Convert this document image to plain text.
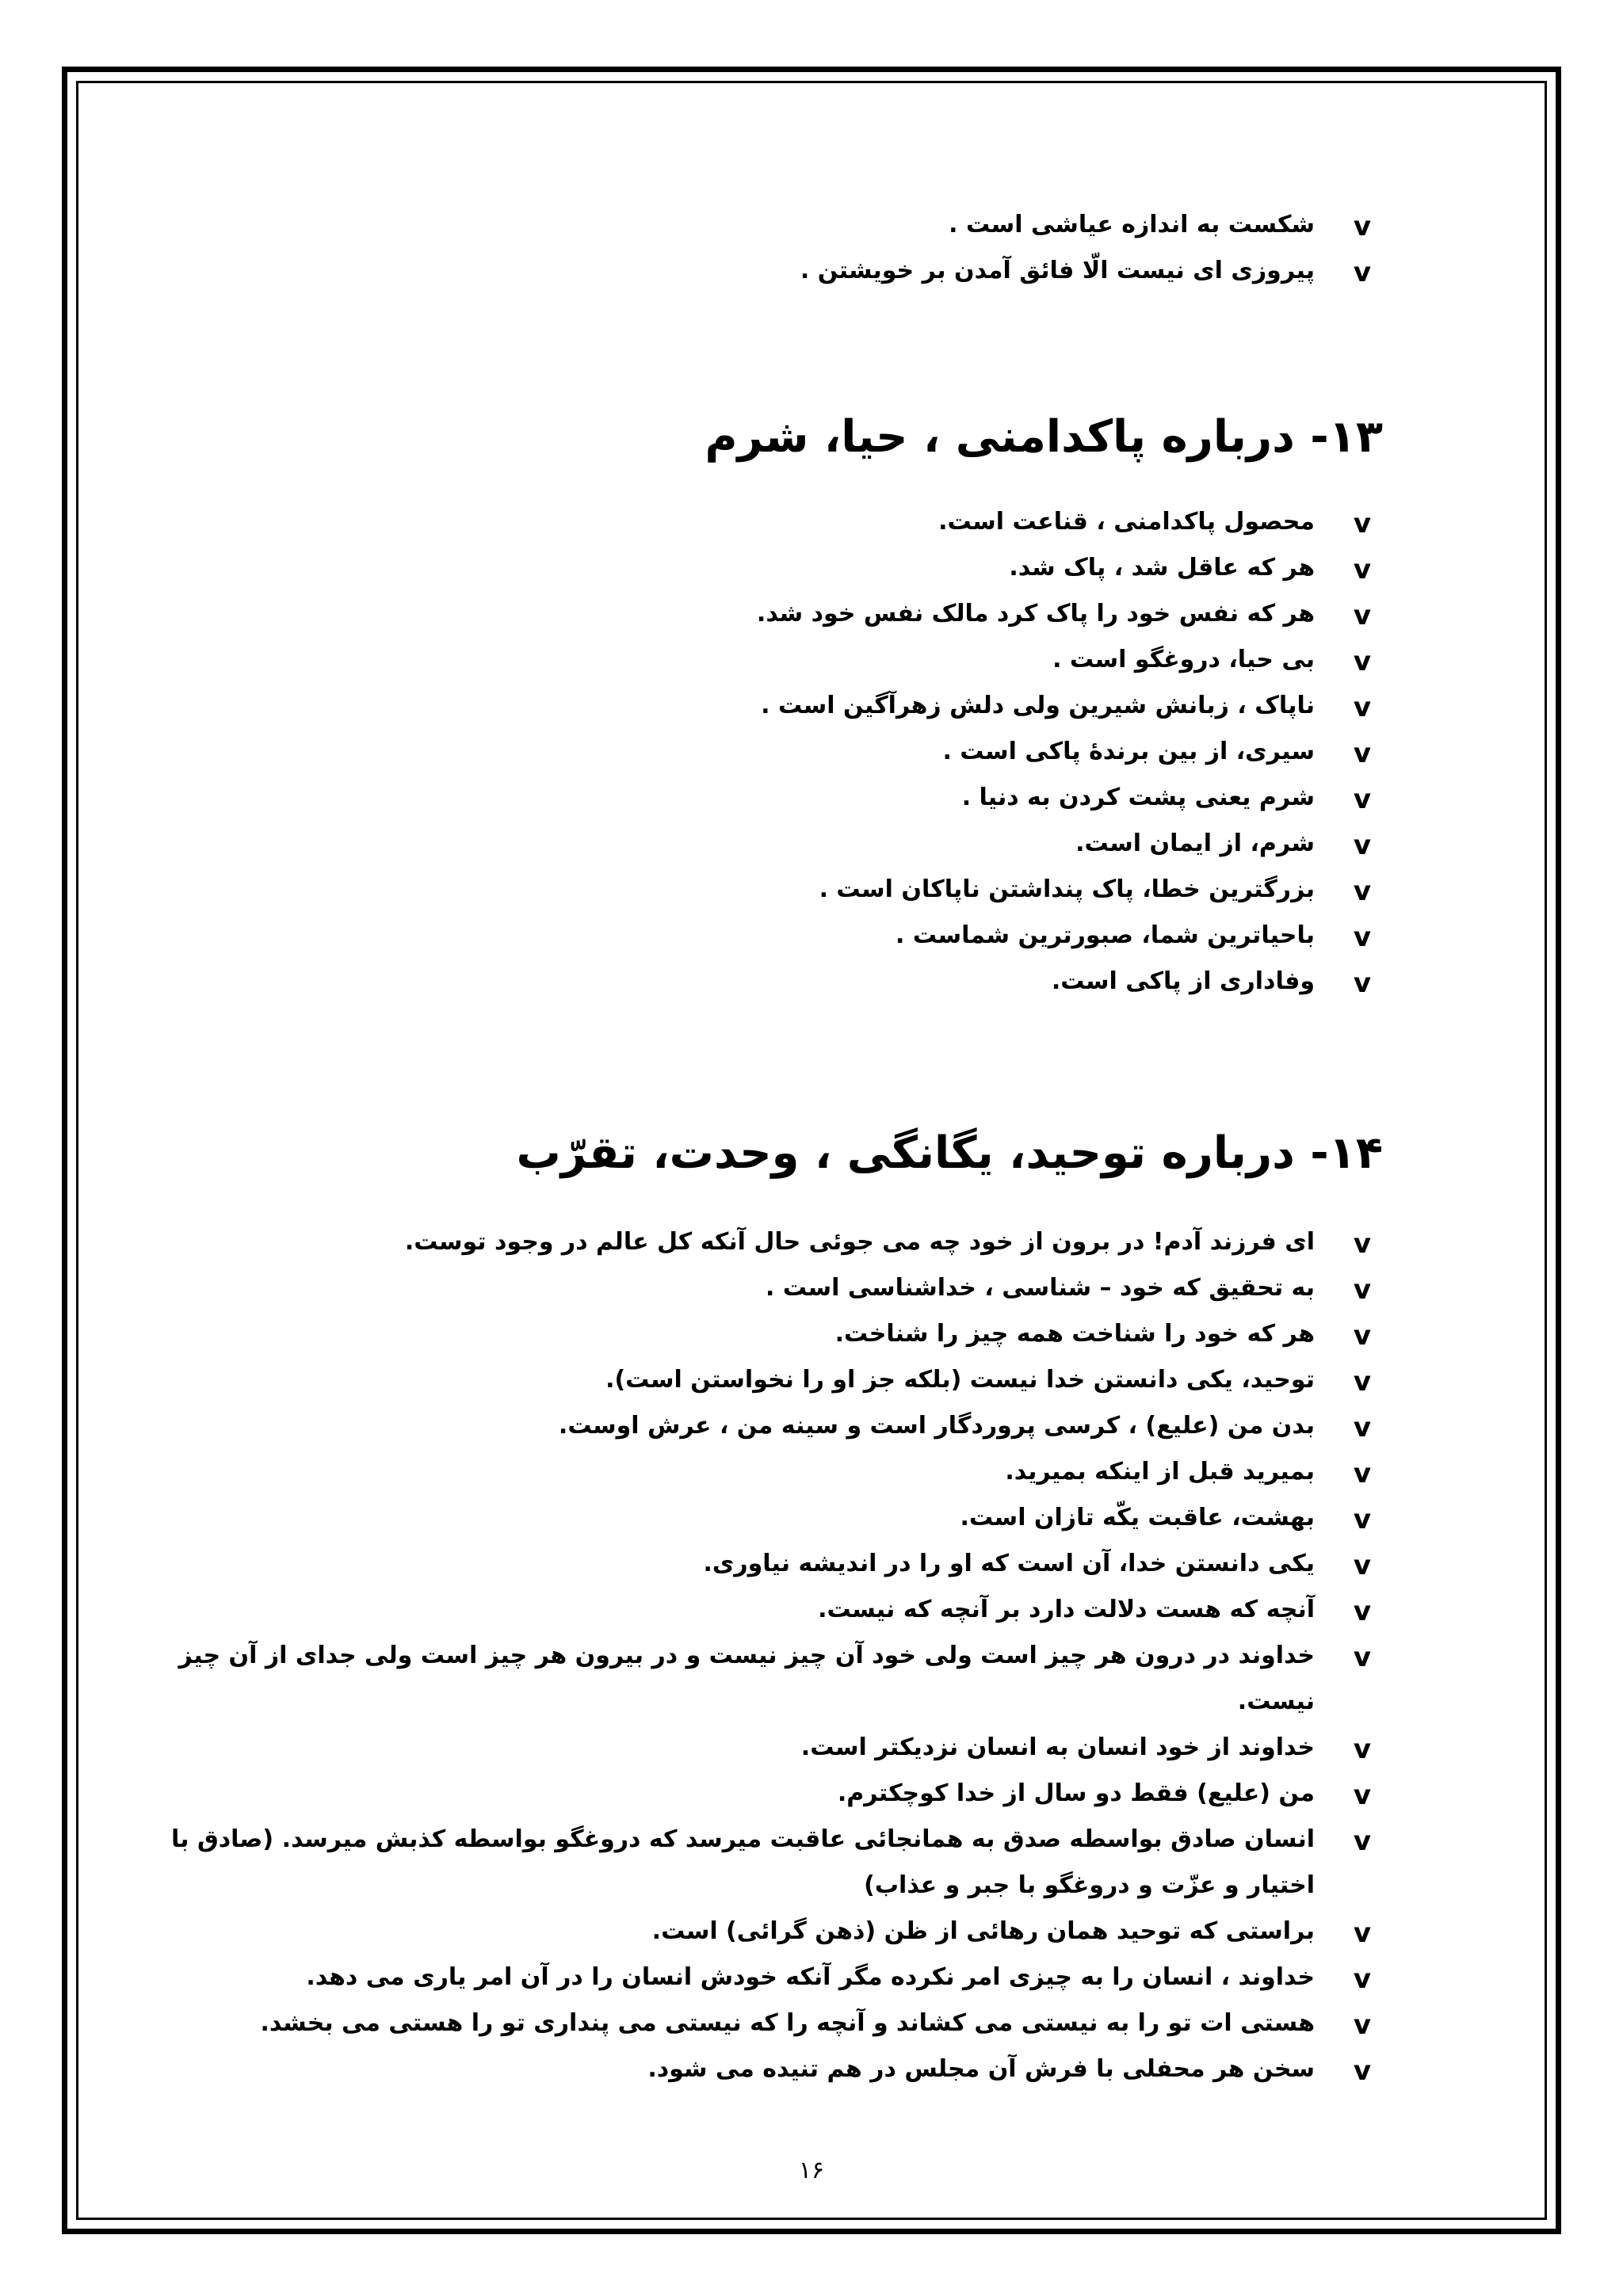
v
شکست به اندازه عیاشی است .
v
پیروزی ای نیست الّا فائق آمدن بر خویشتن .
۱۳- درباره پاکدامنی ، حیا، شرم
v
محصول پاکدامنی ، قناعت است.
v
هر که عاقل شد ، پاک شد.
v
هر که نفس خود را پاک کرد مالک نفس خود شد.
v
بی حیا، دروغگو است .
v
ناپاک ، زبانش شیرین ولی دلش زهرآگین است .
v
سیری، از بین برندهٔ پاکی است .
v
شرم یعنی پشت کردن به دنیا .
v
شرم، از ایمان است.
v
بزرگترین خطا، پاک پنداشتن ناپاکان است .
v
باحیاترین شما، صبورترین شماست .
v
وفاداری از پاکی است.
۱۴- درباره توحید، یگانگی ، وحدت، تقرّب
v
ای فرزند آدم! در برون از خود چه می جوئی حال آنکه کل عالم در وجود توست.
v
به تحقیق که خود – شناسی ، خداشناسی است .
v
هر که خود را شناخت همه چیز را شناخت.
v
توحید، یکی دانستن خدا نیست (بلکه جز او را نخواستن است).
v
بدن من (علیع) ، کرسی پروردگار است و سینه من ، عرش اوست.
v
بمیرید قبل از اینکه بمیرید.
v
بهشت، عاقبت یکّه تازان است.
v
یکی دانستن خدا، آن است که او را در اندیشه نیاوری.
v
آنچه که هست دلالت دارد بر آنچه که نیست.
v
خداوند در درون هر چیز است ولی خود آن چیز نیست و در بیرون هر چیز است ولی جدای از آن چیز نیست.
v
خداوند از خود انسان به انسان نزدیکتر است.
v
من (علیع) فقط دو سال از خدا کوچکترم.
v
انسان صادق بواسطه صدق به همانجائی عاقبت میرسد که دروغگو بواسطه کذبش میرسد. (صادق با اختیار و عزّت و دروغگو با جبر و عذاب)
v
براستی که توحید همان رهائی از ظن (ذهن گرائی) است.
v
خداوند ، انسان را به چیزی امر نکرده مگر آنکه خودش انسان را در آن امر یاری می دهد.
v
هستی ات تو را به نیستی می کشاند و آنچه را که نیستی می پنداری تو را هستی می بخشد.
v
سخن هر محفلی با فرش آن مجلس در هم تنیده می شود.
۱۶
